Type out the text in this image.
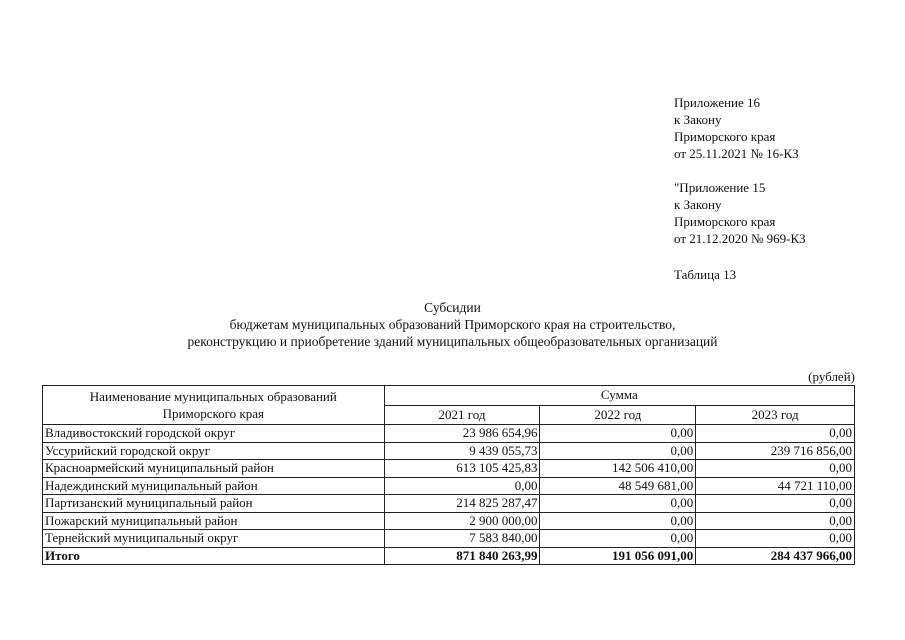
Приложение 16
к Закону
Приморского края
от 25.11.2021 № 16-КЗ
"Приложение 15
к Закону
Приморского края
от 21.12.2020 № 969-КЗ
Таблица 13
Субсидии
бюджетам муниципальных образований Приморского края на строительство,
реконструкцию и приобретение зданий муниципальных общеобразовательных организаций
(рублей)
Наименование муниципальных образований Приморского края	Сумма		
	2021 год	2022 год	2023 год
Владивостокский городской округ	23 986 654,96	0,00	0,00
Уссурийский городской округ	9 439 055,73	0,00	239 716 856,00
Красноармейский муниципальный район	613 105 425,83	142 506 410,00	0,00
Надеждинский муниципальный район	0,00	48 549 681,00	44 721 110,00
Партизанский муниципальный район	214 825 287,47	0,00	0,00
Пожарский муниципальный район	2 900 000,00	0,00	0,00
Тернейский муниципальный округ	7 583 840,00	0,00	0,00
Итого	871 840 263,99	191 056 091,00	284 437 966,00
